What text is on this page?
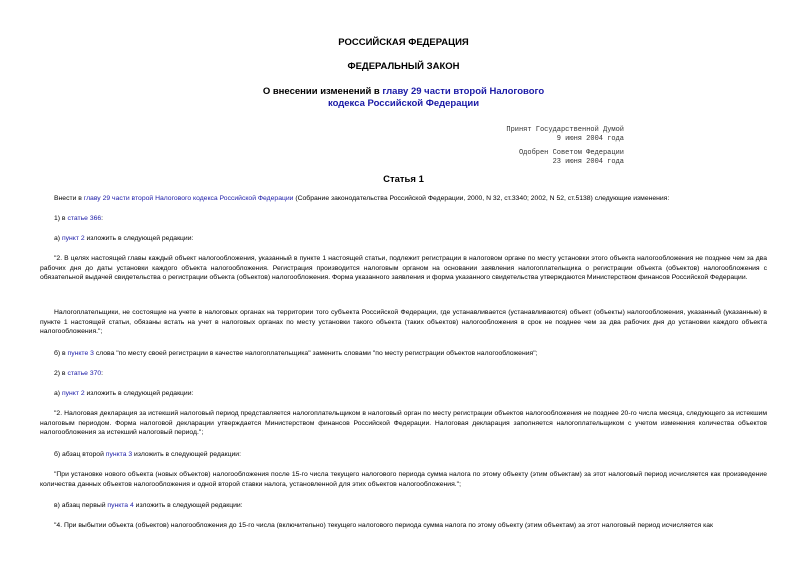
РОССИЙСКАЯ ФЕДЕРАЦИЯ
ФЕДЕРАЛЬНЫЙ ЗАКОН
О внесении изменений в главу 29 части второй Налогового
кодекса Российской Федерации
Принят Государственной Думой
9 июня 2004 года
Одобрен Советом Федерации
23 июня 2004 года
Статья 1

Внести в главу 29 части второй Налогового кодекса Российской Федерации (Собрание законодательства Российской Федерации, 2000, N 32, ст.3340; 2002, N 52, ст.5138) следующие изменения:

1) в статье 366:

а) пункт 2 изложить в следующей редакции:

"2. В целях настоящей главы каждый объект налогообложения, указанный в пункте 1 настоящей статьи, подлежит регистрации в налоговом органе по месту установки этого объекта налогообложения не позднее чем за два рабочих дня до даты установки каждого объекта налогообложения. Регистрация производится налоговым органом на основании заявления налогоплательщика о регистрации объекта (объектов) налогообложения с обязательной выдачей свидетельства о регистрации объекта (объектов) налогообложения. Форма указанного заявления и форма указанного свидетельства утверждаются Министерством финансов Российской Федерации.

Налогоплательщики, не состоящие на учете в налоговых органах на территории того субъекта Российской Федерации, где устанавливается (устанавливаются) объект (объекты) налогообложения, указанный (указанные) в пункте 1 настоящей статьи, обязаны встать на учет в налоговых органах по месту установки такого объекта (таких объектов) налогообложения в срок не позднее чем за два рабочих дня до установки каждого объекта налогообложения.";

б) в пункте 3 слова "по месту своей регистрации в качестве налогоплательщика" заменить словами "по месту регистрации объектов налогообложения";

2) в статье 370:

а) пункт 2 изложить в следующей редакции:

"2. Налоговая декларация за истекший налоговый период представляется налогоплательщиком в налоговый орган по месту регистрации объектов налогообложения не позднее 20-го числа месяца, следующего за истекшим налоговым периодом. Форма налоговой декларации утверждается Министерством финансов Российской Федерации. Налоговая декларация заполняется налогоплательщиком с учетом изменения количества объектов налогообложения за истекший налоговый период.";

б) абзац второй пункта 3 изложить в следующей редакции:

"При установке нового объекта (новых объектов) налогообложения после 15-го числа текущего налогового периода сумма налога по этому объекту (этим объектам) за этот налоговый период исчисляется как произведение количества данных объектов налогообложения и одной второй ставки налога, установленной для этих объектов налогообложения.";

в) абзац первый пункта 4 изложить в следующей редакции:

"4. При выбытии объекта (объектов) налогообложения до 15-го числа (включительно) текущего налогового периода сумма налога по этому объекту (этим объектам) за этот налоговый период исчисляется как
